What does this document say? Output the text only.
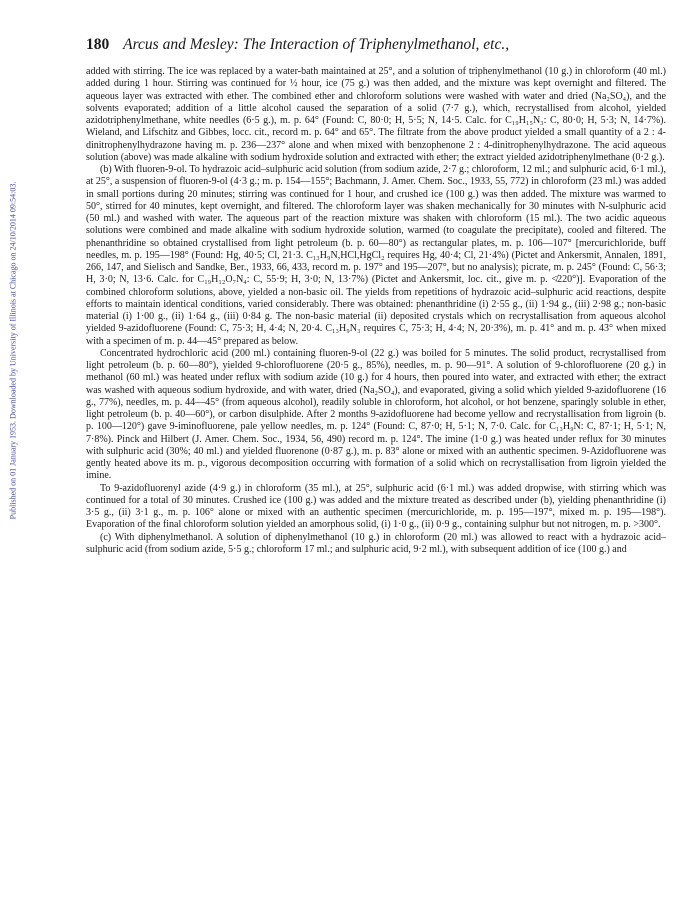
Published on 01 January 1953. Downloaded by University of Illinois at Chicago on 24/10/2014 09:54:03.
180 Arcus and Mesley: The Interaction of Triphenylmethanol, etc.,

added with stirring. The ice was replaced by a water-bath maintained at 25°, and a solution of triphenylmethanol (10 g.) in chloroform (40 ml.) added during 1 hour. Stirring was continued for ½ hour, ice (75 g.) was then added, and the mixture was kept overnight and filtered. The aqueous layer was extracted with ether. The combined ether and chloroform solutions were washed with water and dried (Na₂SO₄), and the solvents evaporated; addition of a little alcohol caused the separation of a solid (7·7 g.), which, recrystallised from alcohol, yielded azidotriphenylmethane, white needles (6·5 g.), m. p. 64° (Found: C, 80·0; H, 5·5; N, 14·5. Calc. for C₁₉H₁₅N₃: C, 80·0; H, 5·3; N, 14·7%). Wieland, and Lifschitz and Gibbes, locc. cit., record m. p. 64° and 65°. The filtrate from the above product yielded a small quantity of a 2 : 4-dinitrophenylhydrazone having m. p. 236—237° alone and when mixed with benzophenone 2 : 4-dinitrophenylhydrazone. The acid aqueous solution (above) was made alkaline with sodium hydroxide solution and extracted with ether; the extract yielded azidotriphenylmethane (0·2 g.).

(b) With fluoren-9-ol. To hydrazoic acid–sulphuric acid solution (from sodium azide, 2·7 g.; chloroform, 12 ml.; and sulphuric acid, 6·1 ml.), at 25°, a suspension of fluoren-9-ol (4·3 g.; m. p. 154—155°; Bachmann, J. Amer. Chem. Soc., 1933, 55, 772) in chloroform (23 ml.) was added in small portions during 20 minutes; stirring was continued for 1 hour, and crushed ice (100 g.) was then added. The mixture was warmed to 50°, stirred for 40 minutes, kept overnight, and filtered. The chloroform layer was shaken mechanically for 30 minutes with N-sulphuric acid (50 ml.) and washed with water. The aqueous part of the reaction mixture was shaken with chloroform (15 ml.). The two acidic aqueous solutions were combined and made alkaline with sodium hydroxide solution, warmed (to coagulate the precipitate), cooled and filtered. The phenanthridine so obtained crystallised from light petroleum (b. p. 60—80°) as rectangular plates, m. p. 106—107° [mercurichloride, buff needles, m. p. 195—198° (Found: Hg, 40·5; Cl, 21·3. C₁₃H₉N,HCl,HgCl₂ requires Hg, 40·4; Cl, 21·4%) (Pictet and Ankersmit, Annalen, 1891, 266, 147, and Sielisch and Sandke, Ber., 1933, 66, 433, record m. p. 197° and 195—207°, but no analysis); picrate, m. p. 245° (Found: C, 56·3; H, 3·0; N, 13·6. Calc. for C₁₉H₁₂O₇N₄: C, 55·9; H, 3·0; N, 13·7%) (Pictet and Ankersmit, loc. cit., give m. p. ≮220°)]. Evaporation of the combined chloroform solutions, above, yielded a non-basic oil. The yields from repetitions of hydrazoic acid–sulphuric acid reactions, despite efforts to maintain identical conditions, varied considerably. There was obtained: phenanthridine (i) 2·55 g., (ii) 1·94 g., (iii) 2·98 g.; non-basic material (i) 1·00 g., (ii) 1·64 g., (iii) 0·84 g. The non-basic material (ii) deposited crystals which on recrystallisation from aqueous alcohol yielded 9-azidofluorene (Found: C, 75·3; H, 4·4; N, 20·4. C₁₃H₉N₃ requires C, 75·3; H, 4·4; N, 20·3%), m. p. 41° and m. p. 43° when mixed with a specimen of m. p. 44—45° prepared as below.

Concentrated hydrochloric acid (200 ml.) containing fluoren-9-ol (22 g.) was boiled for 5 minutes. The solid product, recrystallised from light petroleum (b. p. 60—80°), yielded 9-chlorofluorene (20·5 g., 85%), needles, m. p. 90—91°. A solution of 9-chlorofluorene (20 g.) in methanol (60 ml.) was heated under reflux with sodium azide (10 g.) for 4 hours, then poured into water, and extracted with ether; the extract was washed with aqueous sodium hydroxide, and with water, dried (Na₂SO₄), and evaporated, giving a solid which yielded 9-azidofluorene (16 g., 77%), needles, m. p. 44—45° (from aqueous alcohol), readily soluble in chloroform, hot alcohol, or hot benzene, sparingly soluble in ether, light petroleum (b. p. 40—60°), or carbon disulphide. After 2 months 9-azidofluorene had become yellow and recrystallisation from ligroin (b. p. 100—120°) gave 9-iminofluorene, pale yellow needles, m. p. 124° (Found: C, 87·0; H, 5·1; N, 7·0. Calc. for C₁₃H₉N: C, 87·1; H, 5·1; N, 7·8%). Pinck and Hilbert (J. Amer. Chem. Soc., 1934, 56, 490) record m. p. 124°. The imine (1·0 g.) was heated under reflux for 30 minutes with sulphuric acid (30%; 40 ml.) and yielded fluorenone (0·87 g.), m. p. 83° alone or mixed with an authentic specimen. 9-Azidofluorene was gently heated above its m. p., vigorous decomposition occurring with formation of a solid which on recrystallisation from ligroin yielded the imine.

To 9-azidofluorenyl azide (4·9 g.) in chloroform (35 ml.), at 25°, sulphuric acid (6·1 ml.) was added dropwise, with stirring which was continued for a total of 30 minutes. Crushed ice (100 g.) was added and the mixture treated as described under (b), yielding phenanthridine (i) 3·5 g., (ii) 3·1 g., m. p. 106° alone or mixed with an authentic specimen (mercurichloride, m. p. 195—197°, mixed m. p. 195—198°). Evaporation of the final chloroform solution yielded an amorphous solid, (i) 1·0 g., (ii) 0·9 g., containing sulphur but not nitrogen, m. p. >300°.

(c) With diphenylmethanol. A solution of diphenylmethanol (10 g.) in chloroform (20 ml.) was allowed to react with a hydrazoic acid–sulphuric acid (from sodium azide, 5·5 g.; chloroform 17 ml.; and sulphuric acid, 9·2 ml.), with subsequent addition of ice (100 g.) and
